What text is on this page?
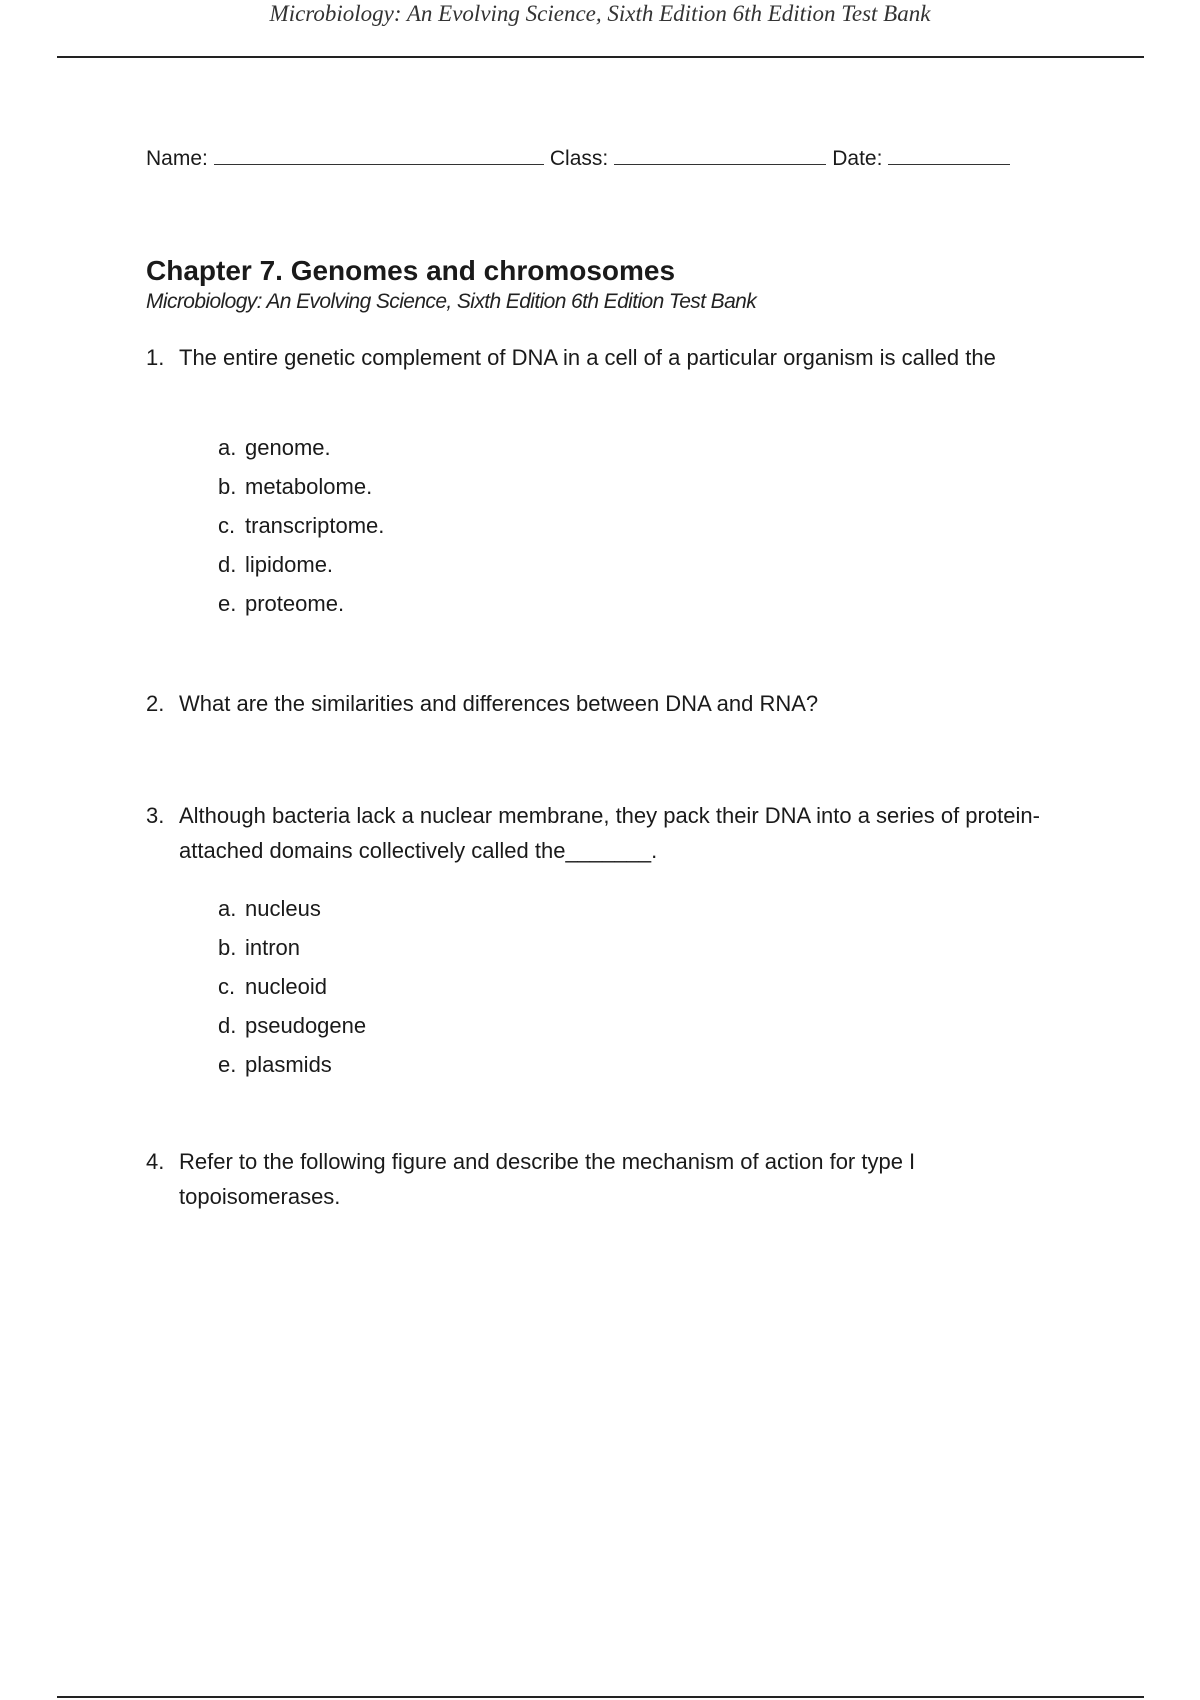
Microbiology: An Evolving Science, Sixth Edition 6th Edition Test Bank
Name:	Class:	Date:
Chapter 7. Genomes and chromosomes
Microbiology: An Evolving Science, Sixth Edition 6th Edition Test Bank
1. The entire genetic complement of DNA in a cell of a particular organism is called the
a. genome.
b. metabolome.
c. transcriptome.
d. lipidome.
e. proteome.
2. What are the similarities and differences between DNA and RNA?
3. Although bacteria lack a nuclear membrane, they pack their DNA into a series of protein-attached domains collectively called the_______.
a. nucleus
b. intron
c. nucleoid
d. pseudogene
e. plasmids
4. Refer to the following figure and describe the mechanism of action for type I topoisomerases.
